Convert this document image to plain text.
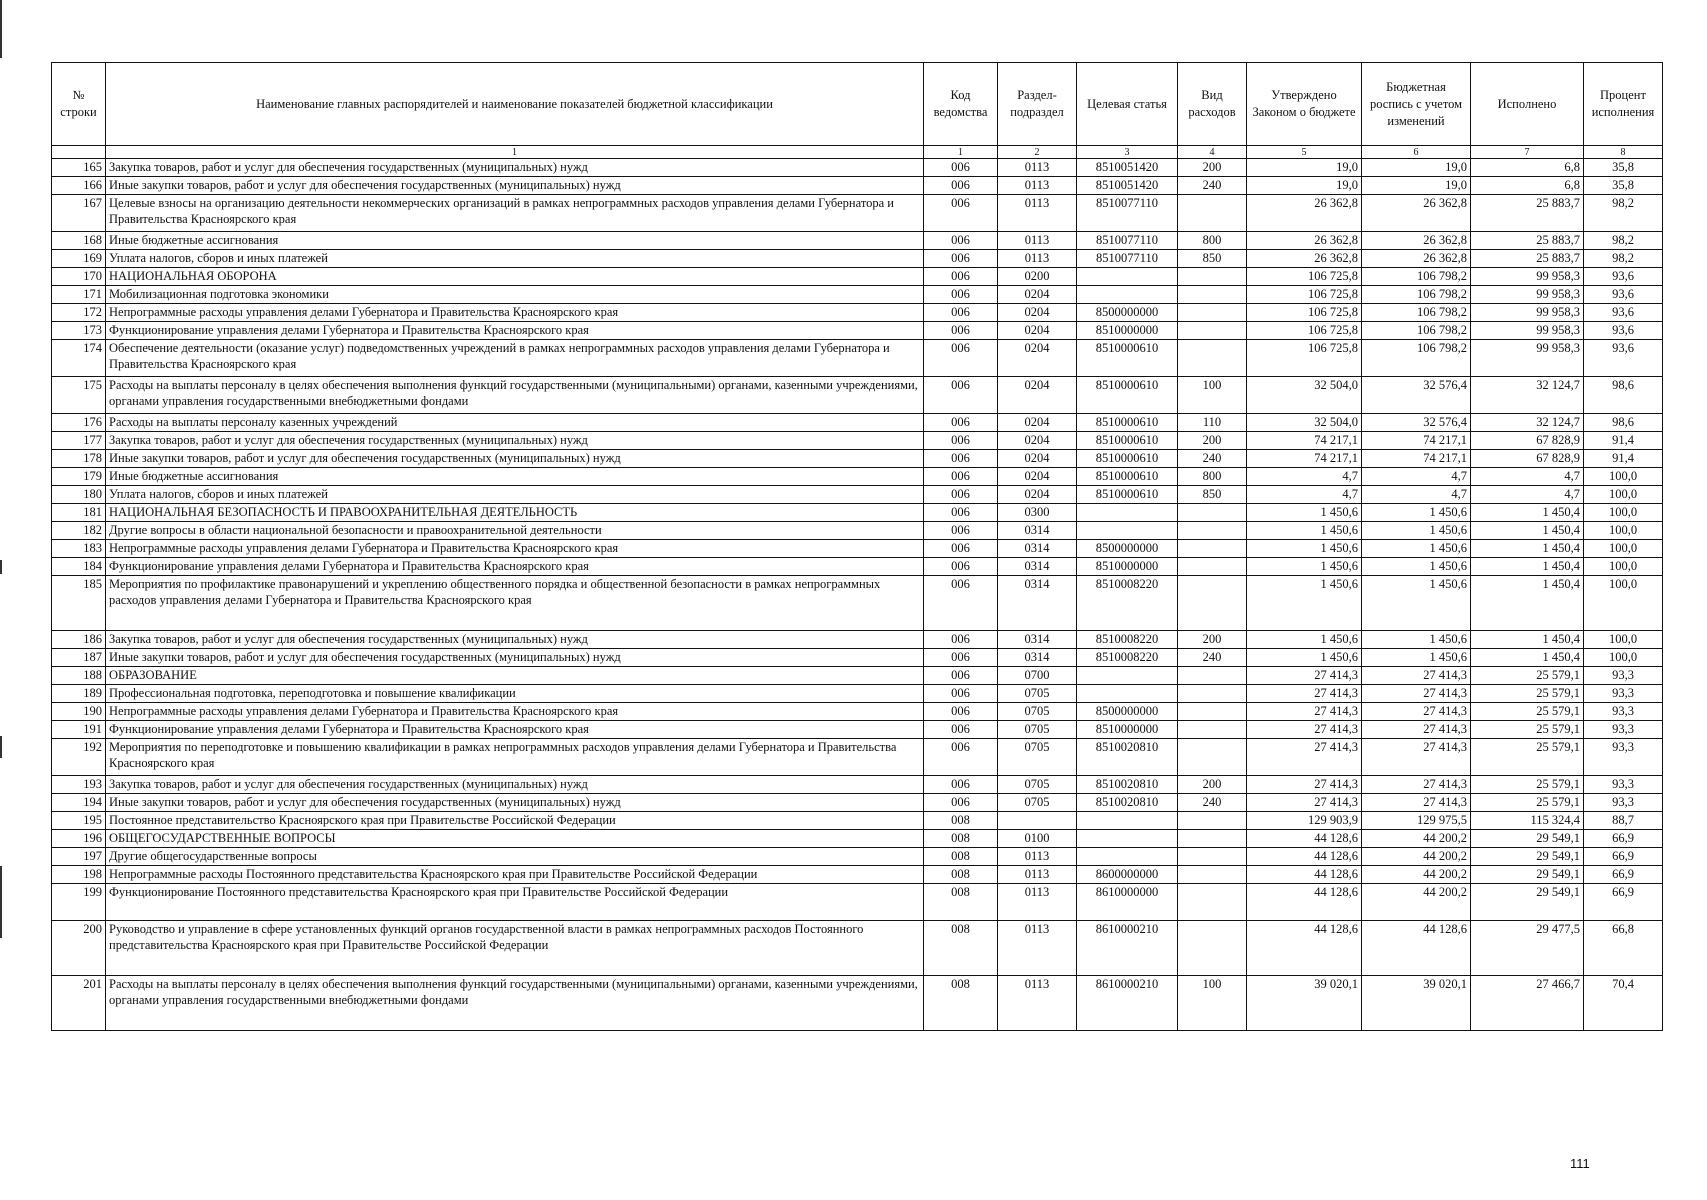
№ строки	Наименование главных распорядителей и наименование показателей бюджетной классификации	Код ведомства	Раздел-подраздел	Целевая статья	Вид расходов	Утверждено Законом о бюджете	Бюджетная роспись с учетом изменений	Исполнено	Процент исполнения
	1	1	2	3	4	5	6	7	8
165	Закупка товаров, работ и услуг для обеспечения государственных (муниципальных) нужд	006	0113	8510051420	200	19,0	19,0	6,8	35,8
166	Иные закупки товаров, работ и услуг для обеспечения государственных (муниципальных) нужд	006	0113	8510051420	240	19,0	19,0	6,8	35,8
167	Целевые взносы на организацию деятельности некоммерческих организаций в рамках непрограммных расходов управления делами Губернатора и Правительства Красноярского края	006	0113	8510077110		26 362,8	26 362,8	25 883,7	98,2
168	Иные бюджетные ассигнования	006	0113	8510077110	800	26 362,8	26 362,8	25 883,7	98,2
169	Уплата налогов, сборов и иных платежей	006	0113	8510077110	850	26 362,8	26 362,8	25 883,7	98,2
170	НАЦИОНАЛЬНАЯ ОБОРОНА	006	0200			106 725,8	106 798,2	99 958,3	93,6
171	Мобилизационная подготовка экономики	006	0204			106 725,8	106 798,2	99 958,3	93,6
172	Непрограммные расходы управления делами Губернатора и Правительства Красноярского края	006	0204	8500000000		106 725,8	106 798,2	99 958,3	93,6
173	Функционирование управления делами Губернатора и Правительства Красноярского края	006	0204	8510000000		106 725,8	106 798,2	99 958,3	93,6
174	Обеспечение деятельности (оказание услуг) подведомственных учреждений в рамках непрограммных расходов управления делами Губернатора и Правительства Красноярского края	006	0204	8510000610		106 725,8	106 798,2	99 958,3	93,6
175	Расходы на выплаты персоналу в целях обеспечения выполнения функций государственными (муниципальными) органами, казенными учреждениями, органами управления государственными внебюджетными фондами	006	0204	8510000610	100	32 504,0	32 576,4	32 124,7	98,6
176	Расходы на выплаты персоналу казенных учреждений	006	0204	8510000610	110	32 504,0	32 576,4	32 124,7	98,6
177	Закупка товаров, работ и услуг для обеспечения государственных (муниципальных) нужд	006	0204	8510000610	200	74 217,1	74 217,1	67 828,9	91,4
178	Иные закупки товаров, работ и услуг для обеспечения государственных (муниципальных) нужд	006	0204	8510000610	240	74 217,1	74 217,1	67 828,9	91,4
179	Иные бюджетные ассигнования	006	0204	8510000610	800	4,7	4,7	4,7	100,0
180	Уплата налогов, сборов и иных платежей	006	0204	8510000610	850	4,7	4,7	4,7	100,0
181	НАЦИОНАЛЬНАЯ БЕЗОПАСНОСТЬ И ПРАВООХРАНИТЕЛЬНАЯ ДЕЯТЕЛЬНОСТЬ	006	0300			1 450,6	1 450,6	1 450,4	100,0
182	Другие вопросы в области национальной безопасности и правоохранительной деятельности	006	0314			1 450,6	1 450,6	1 450,4	100,0
183	Непрограммные расходы управления делами Губернатора и Правительства Красноярского края	006	0314	8500000000		1 450,6	1 450,6	1 450,4	100,0
184	Функционирование управления делами Губернатора и Правительства Красноярского края	006	0314	8510000000		1 450,6	1 450,6	1 450,4	100,0
185	Мероприятия по профилактике правонарушений и укреплению общественного порядка и общественной безопасности в рамках непрограммных расходов управления делами Губернатора и Правительства Красноярского края	006	0314	8510008220		1 450,6	1 450,6	1 450,4	100,0
186	Закупка товаров, работ и услуг для обеспечения государственных (муниципальных) нужд	006	0314	8510008220	200	1 450,6	1 450,6	1 450,4	100,0
187	Иные закупки товаров, работ и услуг для обеспечения государственных (муниципальных) нужд	006	0314	8510008220	240	1 450,6	1 450,6	1 450,4	100,0
188	ОБРАЗОВАНИЕ	006	0700			27 414,3	27 414,3	25 579,1	93,3
189	Профессиональная подготовка, переподготовка и повышение квалификации	006	0705			27 414,3	27 414,3	25 579,1	93,3
190	Непрограммные расходы управления делами Губернатора и Правительства Красноярского края	006	0705	8500000000		27 414,3	27 414,3	25 579,1	93,3
191	Функционирование управления делами Губернатора и Правительства Красноярского края	006	0705	8510000000		27 414,3	27 414,3	25 579,1	93,3
192	Мероприятия по переподготовке и повышению квалификации в рамках непрограммных расходов управления делами Губернатора и Правительства Красноярского края	006	0705	8510020810		27 414,3	27 414,3	25 579,1	93,3
193	Закупка товаров, работ и услуг для обеспечения государственных (муниципальных) нужд	006	0705	8510020810	200	27 414,3	27 414,3	25 579,1	93,3
194	Иные закупки товаров, работ и услуг для обеспечения государственных (муниципальных) нужд	006	0705	8510020810	240	27 414,3	27 414,3	25 579,1	93,3
195	Постоянное представительство Красноярского края при Правительстве Российской Федерации	008				129 903,9	129 975,5	115 324,4	88,7
196	ОБЩЕГОСУДАРСТВЕННЫЕ ВОПРОСЫ	008	0100			44 128,6	44 200,2	29 549,1	66,9
197	Другие общегосударственные вопросы	008	0113			44 128,6	44 200,2	29 549,1	66,9
198	Непрограммные расходы Постоянного представительства Красноярского края при Правительстве Российской Федерации	008	0113	8600000000		44 128,6	44 200,2	29 549,1	66,9
199	Функционирование Постоянного представительства Красноярского края при Правительстве Российской Федерации	008	0113	8610000000		44 128,6	44 200,2	29 549,1	66,9
200	Руководство и управление в сфере установленных функций органов государственной власти в рамках непрограммных расходов Постоянного представительства Красноярского края при Правительстве Российской Федерации	008	0113	8610000210		44 128,6	44 128,6	29 477,5	66,8
201	Расходы на выплаты персоналу в целях обеспечения выполнения функций государственными (муниципальными) органами, казенными учреждениями, органами управления государственными внебюджетными фондами	008	0113	8610000210	100	39 020,1	39 020,1	27 466,7	70,4
111
